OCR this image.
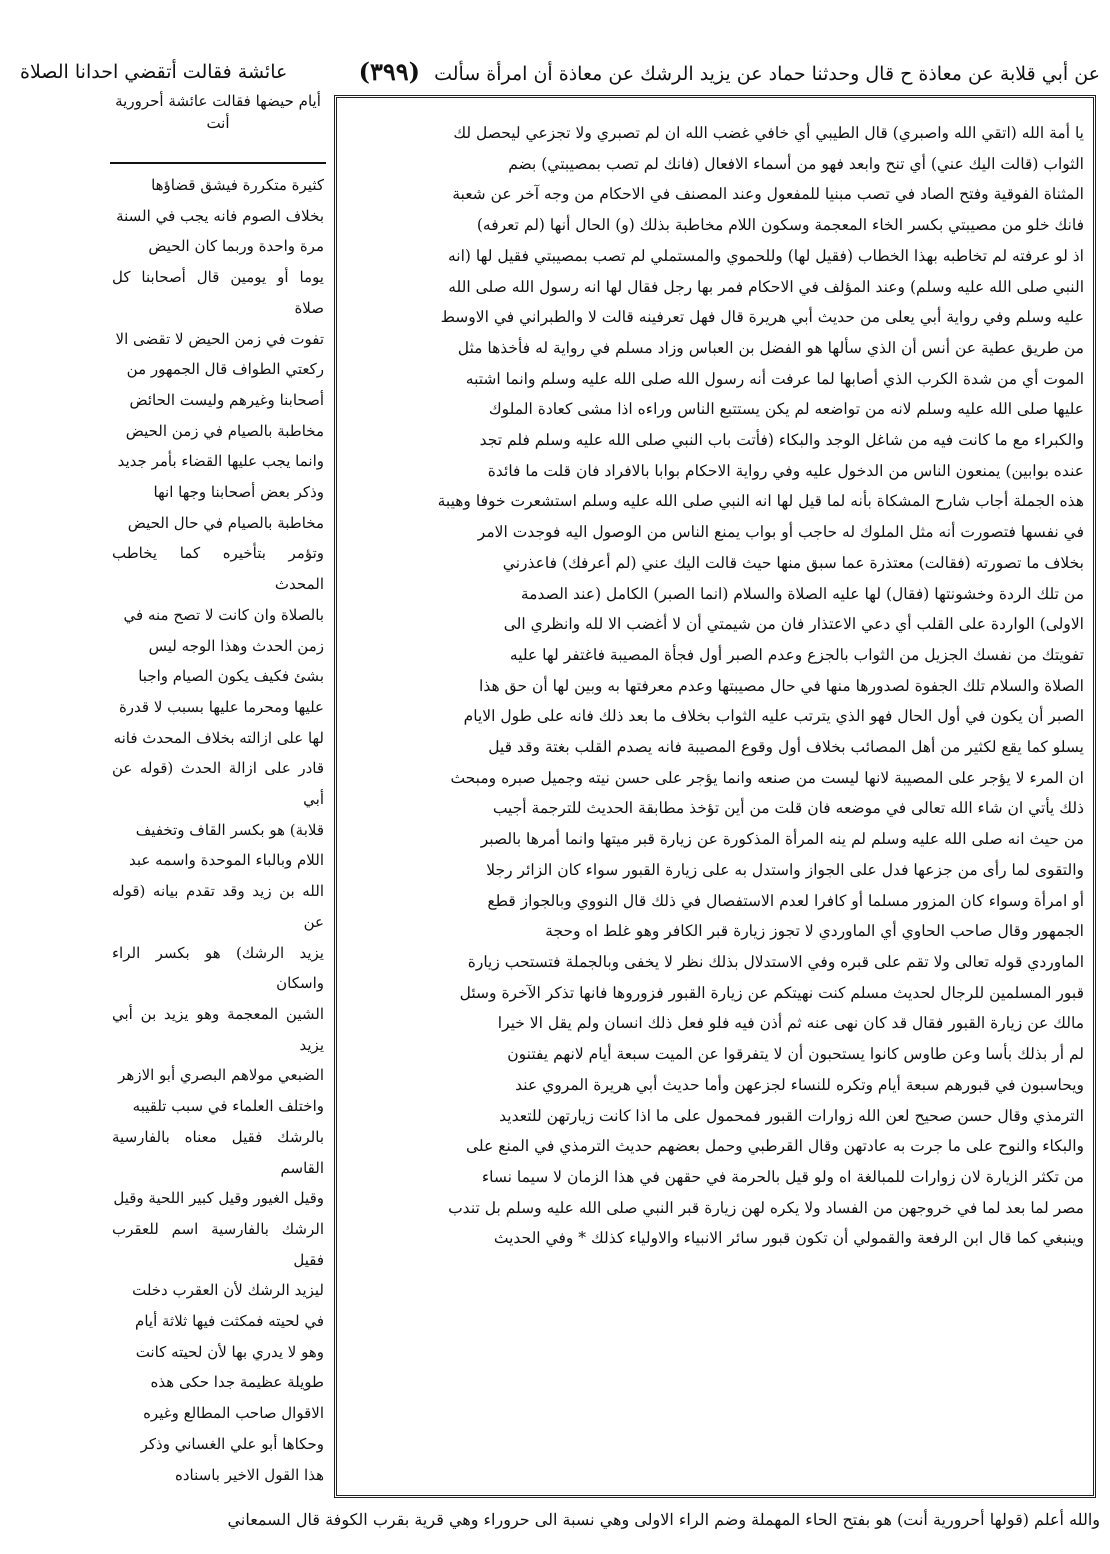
عن أبي قلابة عن معاذة ح قال وحدثنا حماد عن يزيد الرشك عن معاذة أن امرأة سألت (٣٩٩)
عائشة فقالت أتقضي احدانا الصلاة
أيام حيضها فقالت عائشة أحرورية
أنت
كثيرة متكررة فيشق قضاؤها
بخلاف الصوم فانه يجب في السنة
مرة واحدة وربما كان الحيض
يوما أو يومين قال أصحابنا كل صلاة
تفوت في زمن الحيض لا تقضى الا
ركعتي الطواف قال الجمهور من
أصحابنا وغيرهم وليست الحائض
مخاطبة بالصيام في زمن الحيض
وانما يجب عليها القضاء بأمر جديد
وذكر بعض أصحابنا وجها انها
مخاطبة بالصيام في حال الحيض
وتؤمر بتأخيره كما يخاطب المحدث
بالصلاة وان كانت لا تصح منه في
زمن الحدث وهذا الوجه ليس
بشئ فكيف يكون الصيام واجبا
عليها ومحرما عليها بسبب لا قدرة
لها على ازالته بخلاف المحدث فانه
قادر على ازالة الحدث (قوله عن أبي
قلابة) هو بكسر القاف وتخفيف
اللام وبالباء الموحدة واسمه عبد
الله بن زيد وقد تقدم بيانه (قوله عن
يزيد الرشك) هو بكسر الراء واسكان
الشين المعجمة وهو يزيد بن أبي يزيد
الضبعي مولاهم البصري أبو الازهر
واختلف العلماء في سبب تلقيبه
بالرشك فقيل معناه بالفارسية القاسم
وقيل الغيور وقيل كبير اللحية وقيل
الرشك بالفارسية اسم للعقرب فقيل
ليزيد الرشك لأن العقرب دخلت
في لحيته فمكثت فيها ثلاثة أيام
وهو لا يدري بها لأن لحيته كانت
طويلة عظيمة جدا حكى هذه
الاقوال صاحب المطالع وغيره
وحكاها أبو علي الغساني وذكر
هذا القول الاخير باسناده
يا أمة الله (اتقي الله واصبري) قال الطيبي أي خافي غضب الله ان لم تصبري ولا تجزعي ليحصل لك
الثواب (قالت اليك عني) أي تنح وابعد فهو من أسماء الافعال (فانك لم تصب بمصيبتي) بضم
المثناة الفوقية وفتح الصاد في تصب مبنيا للمفعول وعند المصنف في الاحكام من وجه آخر عن شعبة
فانك خلو من مصيبتي بكسر الخاء المعجمة وسكون اللام مخاطبة بذلك (و) الحال أنها (لم تعرفه)
اذ لو عرفته لم تخاطبه بهذا الخطاب (فقيل لها) وللحموي والمستملي لم تصب بمصيبتي فقيل لها (انه
النبي صلى الله عليه وسلم) وعند المؤلف في الاحكام فمر بها رجل فقال لها انه رسول الله صلى الله
عليه وسلم وفي رواية أبي يعلى من حديث أبي هريرة قال فهل تعرفينه قالت لا والطبراني في الاوسط
من طريق عطية عن أنس أن الذي سألها هو الفضل بن العباس وزاد مسلم في رواية له فأخذها مثل
الموت أي من شدة الكرب الذي أصابها لما عرفت أنه رسول الله صلى الله عليه وسلم وانما اشتبه
عليها صلى الله عليه وسلم لانه من تواضعه لم يكن يستتبع الناس وراءه اذا مشى كعادة الملوك
والكبراء مع ما كانت فيه من شاغل الوجد والبكاء (فأتت باب النبي صلى الله عليه وسلم فلم تجد
عنده بوابين) يمنعون الناس من الدخول عليه وفي رواية الاحكام بوابا بالافراد فان قلت ما فائدة
هذه الجملة أجاب شارح المشكاة بأنه لما قيل لها انه النبي صلى الله عليه وسلم استشعرت خوفا وهيبة
في نفسها فتصورت أنه مثل الملوك له حاجب أو بواب يمنع الناس من الوصول اليه فوجدت الامر
بخلاف ما تصورته (فقالت) معتذرة عما سبق منها حيث قالت اليك عني (لم أعرفك) فاعذرني
من تلك الردة وخشونتها (فقال) لها عليه الصلاة والسلام (انما الصبر) الكامل (عند الصدمة
الاولى) الواردة على القلب أي دعي الاعتذار فان من شيمتي أن لا أغضب الا لله وانظري الى
تفويتك من نفسك الجزيل من الثواب بالجزع وعدم الصبر أول فجأة المصيبة فاغتفر لها عليه
الصلاة والسلام تلك الجفوة لصدورها منها في حال مصيبتها وعدم معرفتها به وبين لها أن حق هذا
الصبر أن يكون في أول الحال فهو الذي يترتب عليه الثواب بخلاف ما بعد ذلك فانه على طول الايام
يسلو كما يقع لكثير من أهل المصائب بخلاف أول وقوع المصيبة فانه يصدم القلب بغتة وقد قيل
ان المرء لا يؤجر على المصيبة لانها ليست من صنعه وانما يؤجر على حسن نيته وجميل صبره ومبحث
ذلك يأتي ان شاء الله تعالى في موضعه فان قلت من أين تؤخذ مطابقة الحديث للترجمة أجيب
من حيث انه صلى الله عليه وسلم لم ينه المرأة المذكورة عن زيارة قبر ميتها وانما أمرها بالصبر
والتقوى لما رأى من جزعها فدل على الجواز واستدل به على زيارة القبور سواء كان الزائر رجلا
أو امرأة وسواء كان المزور مسلما أو كافرا لعدم الاستفصال في ذلك قال النووي وبالجواز قطع
الجمهور وقال صاحب الحاوي أي الماوردي لا تجوز زيارة قبر الكافر وهو غلط اه وحجة
الماوردي قوله تعالى ولا تقم على قبره وفي الاستدلال بذلك نظر لا يخفى وبالجملة فتستحب زيارة
قبور المسلمين للرجال لحديث مسلم كنت نهيتكم عن زيارة القبور فزوروها فانها تذكر الآخرة وسئل
مالك عن زيارة القبور فقال قد كان نهى عنه ثم أذن فيه فلو فعل ذلك انسان ولم يقل الا خيرا
لم أر بذلك بأسا وعن طاوس كانوا يستحبون أن لا يتفرقوا عن الميت سبعة أيام لانهم يفتنون
ويحاسبون في قبورهم سبعة أيام وتكره للنساء لجزعهن وأما حديث أبي هريرة المروي عند
الترمذي وقال حسن صحيح لعن الله زوارات القبور فمحمول على ما اذا كانت زيارتهن للتعديد
والبكاء والنوح على ما جرت به عادتهن وقال القرطبي وحمل بعضهم حديث الترمذي في المنع على
من تكثر الزيارة لان زوارات للمبالغة اه ولو قيل بالحرمة في حقهن في هذا الزمان لا سيما نساء
مصر لما بعد لما في خروجهن من الفساد ولا يكره لهن زيارة قبر النبي صلى الله عليه وسلم بل تندب
وينبغي كما قال ابن الرفعة والقمولي أن تكون قبور سائر الانبياء والاولياء كذلك * وفي الحديث
والله أعلم (قولها أحرورية أنت) هو بفتح الحاء المهملة وضم الراء الاولى وهي نسبة الى حروراء وهي قرية بقرب الكوفة قال السمعاني
